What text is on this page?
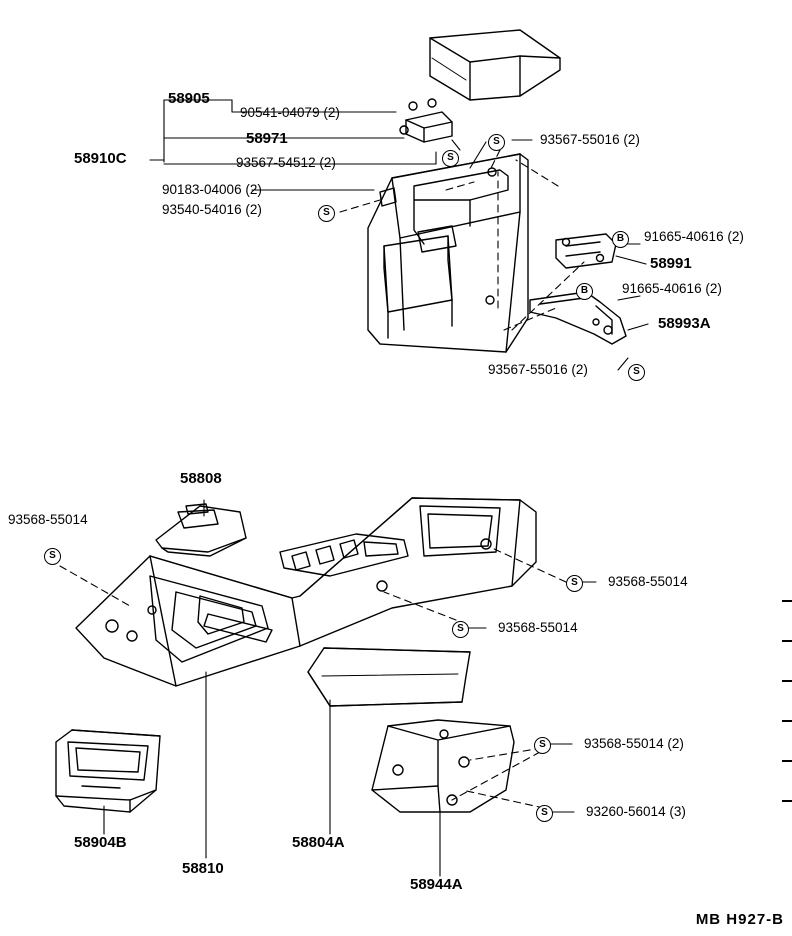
58905
58910C
58971
58991
58993A
90541-04079 (2)
93567-54512 (2)	S
90183-04006 (2)
93540-54016 (2)	S
93567-55016 (2)
S
91665-40616 (2)
B
91665-40616 (2)
B
93567-55016 (2)	S
58808
58904B
58810
58804A
58944A
93568-55014
S
93568-55014
S
93568-55014
S
93568-55014 (2)
S
93260-56014 (3)
S
MB H927-B
